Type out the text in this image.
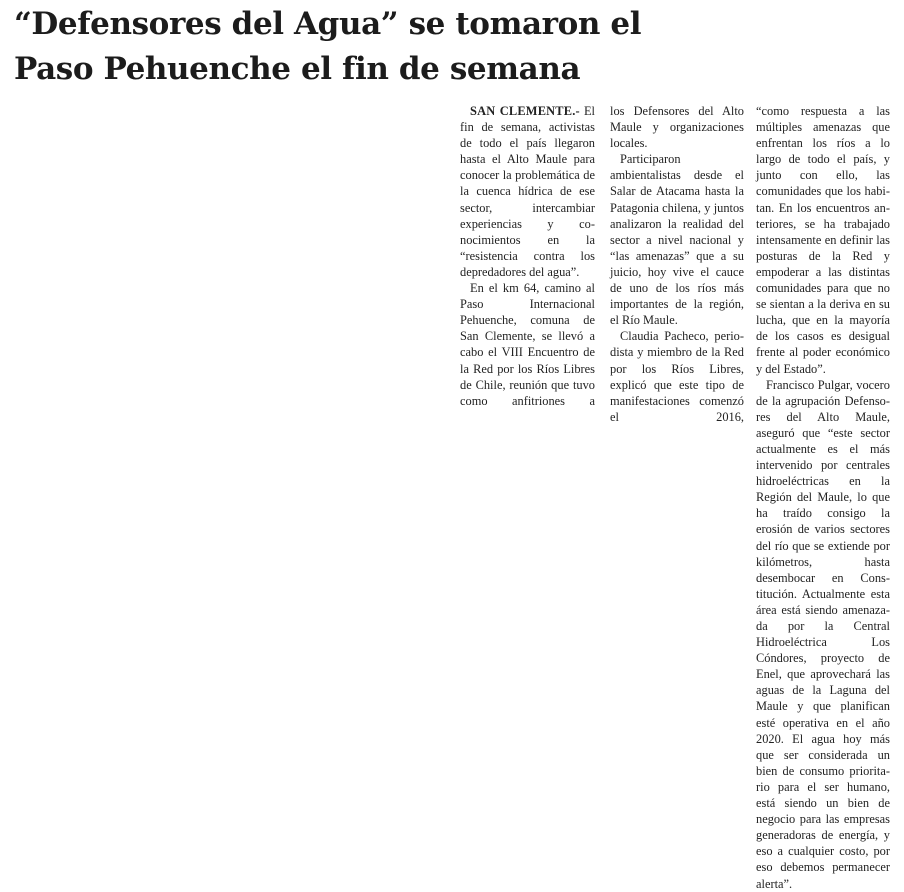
“Defensores del Agua” se tomaron el
Paso Pehuenche el fin de semana

SAN CLEMENTE.- El fin de semana, activistas de todo el país llegaron hasta el Alto Maule para conocer la problemática de la cuenca hídrica de ese sector, intercambiar experiencias y conocimientos en la “resistencia contra los depredadores del agua”.

En el km 64, camino al Paso Internacional Pehuenche, comuna de San Clemente, se llevó a cabo el VIII Encuentro de la Red por los Ríos Libres de Chile, reunión que tuvo como anfitriones a

los Defensores del Alto Maule y organizaciones locales.

Participaron ambientalistas desde el Salar de Atacama hasta la Patagonia chilena, y juntos analizaron la realidad del sector a nivel nacional y “las amenazas” que a su juicio, hoy vive el cauce de uno de los ríos más importantes de la región, el Río Maule.

Claudia Pacheco, periodista y miembro de la Red por los Ríos Libres, explicó que este tipo de manifestaciones comenzó el 2016,

“como respuesta a las múltiples amenazas que enfrentan los ríos a lo largo de todo el país, y junto con ello, las comunidades que los habitan. En los encuentros anteriores, se ha trabajado intensamente en definir las posturas de la Red y empoderar a las distintas comunidades para que no se sientan a la deriva en su lucha, que en la mayoría de los casos es desigual frente al poder económico y del Estado”.

Francisco Pulgar, vocero de la agrupación Defensores del Alto Maule, aseguró que “este sector actualmente es el más intervenido por centrales hidroeléctricas en la Región del Maule, lo que ha traído consigo la erosión de varios sectores del río que se extiende por kilómetros, hasta desembocar en Constitución. Actualmente esta área está siendo amenazada por la Central Hidroeléctrica Los Cóndores, proyecto de Enel, que aprovechará las aguas de la Laguna del Maule y que planifican esté operativa en el año 2020. El agua hoy más que ser considerada un bien de consumo prioritario para el ser humano, está siendo un bien de negocio para las empresas generadoras de energía, y eso a cualquier costo, por eso debemos permanecer alerta”.
